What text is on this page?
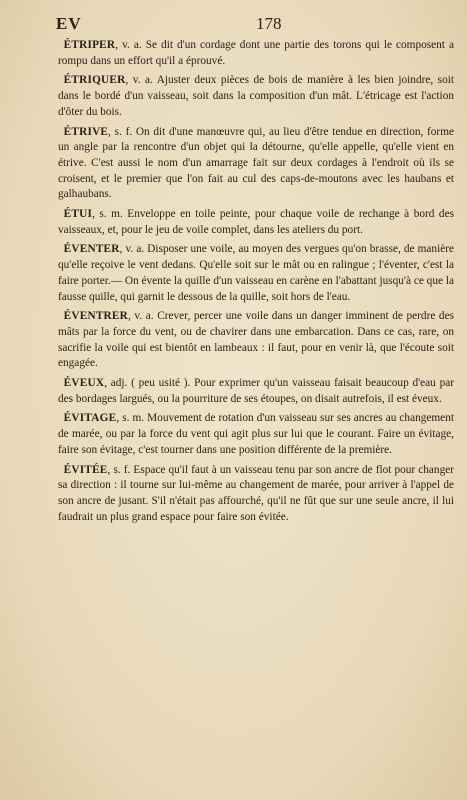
EV	178

ÉTRIPER, v. a. Se dit d'un cordage dont une partie des torons qui le composent a rompu dans un effort qu'il a éprouvé.

ÉTRIQUER, v. a. Ajuster deux pièces de bois de manière à les bien joindre, soit dans le bordé d'un vaisseau, soit dans la composition d'un mât. L'étricage est l'action d'ôter du bois.

ÉTRIVE, s. f. On dit d'une manœuvre qui, au lieu d'être tendue en direction, forme un angle par la rencontre d'un objet qui la détourne, qu'elle appelle, qu'elle vient en étrive. C'est aussi le nom d'un amarrage fait sur deux cordages à l'endroit où ils se croisent, et le premier que l'on fait au cul des caps-de-moutons avec les haubans et galhaubans.

ÉTUI, s. m. Enveloppe en toile peinte, pour chaque voile de rechange à bord des vaisseaux, et, pour le jeu de voile complet, dans les ateliers du port.

ÉVENTER, v. a. Disposer une voile, au moyen des vergues qu'on brasse, de manière qu'elle reçoive le vent dedans. Qu'elle soit sur le mât ou en ralingue ; l'éventer, c'est la faire porter.— On évente la quille d'un vaisseau en carène en l'abattant jusqu'à ce que la fausse quille, qui garnit le dessous de la quille, soit hors de l'eau.

ÉVENTRER, v. a. Crever, percer une voile dans un danger imminent de perdre des mâts par la force du vent, ou de chavirer dans une embarcation. Dans ce cas, rare, on sacrifie la voile qui est bientôt en lambeaux : il faut, pour en venir là, que l'écoute soit engagée.

ÉVEUX, adj. ( peu usité ). Pour exprimer qu'un vaisseau faisait beaucoup d'eau par des bordages largués, ou la pourriture de ses étoupes, on disait autrefois, il est éveux.

ÉVITAGE, s. m. Mouvement de rotation d'un vaisseau sur ses ancres au changement de marée, ou par la force du vent qui agit plus sur lui que le courant. Faire un évitage, faire son évitage, c'est tourner dans une position différente de la première.

ÉVITÉE, s. f. Espace qu'il faut à un vaisseau tenu par son ancre de flot pour changer sa direction : il tourne sur lui-même au changement de marée, pour arriver à l'appel de son ancre de jusant. S'il n'était pas affourché, qu'il ne fût que sur une seule ancre, il lui faudrait un plus grand espace pour faire son évitée.
